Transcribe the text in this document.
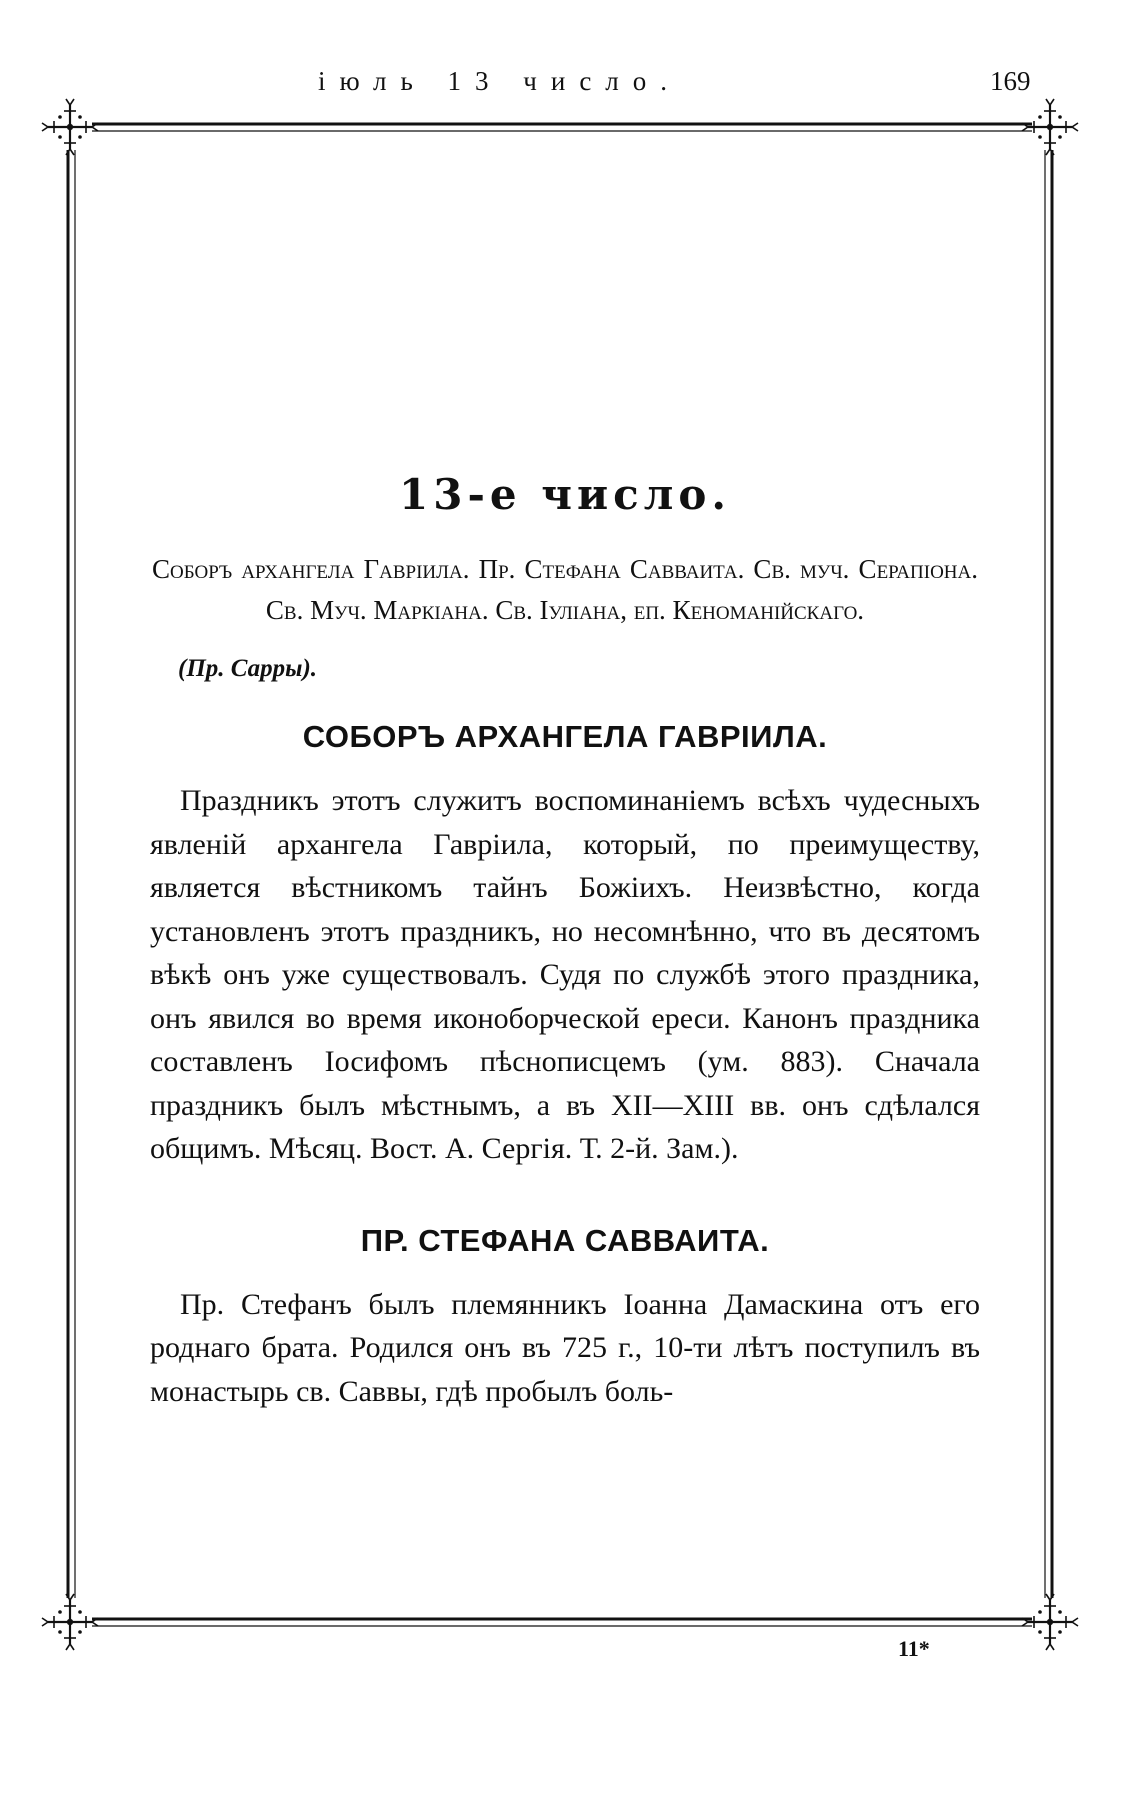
іюль 13 число.	169
13-е число.

Соборъ архангела Гавріила. Пр. Стефана Савваита. Св. муч. Серапіона. Св. Муч. Маркіана. Св. Іуліана, еп. Кеноманійскаго.

(Пр. Сарры).
СОБОРЪ АРХАНГЕЛА ГАВРІИЛА.

Праздникъ этотъ служитъ воспоминаніемъ всѣхъ чудесныхъ явленій архангела Гавріила, который, по преимуществу, является вѣстникомъ тайнъ Божіихъ. Неизвѣстно, когда установленъ этотъ праздникъ, но несомнѣнно, что въ десятомъ вѣкѣ онъ уже существовалъ. Судя по службѣ этого праздника, онъ явился во время иконоборческой ереси. Канонъ праздника составленъ Іосифомъ пѣснописцемъ (ум. 883). Сначала праздникъ былъ мѣстнымъ, а въ XII—XIII вв. онъ сдѣлался общимъ. Мѣсяц. Вост. А. Сергія. Т. 2-й. Зам.).

ПР. СТЕФАНА САВВАИТА.

Пр. Стефанъ былъ племянникъ Іоанна Дамаскина отъ его роднаго брата. Родился онъ въ 725 г., 10-ти лѣтъ поступилъ въ монастырь св. Саввы, гдѣ пробылъ боль-

11*
